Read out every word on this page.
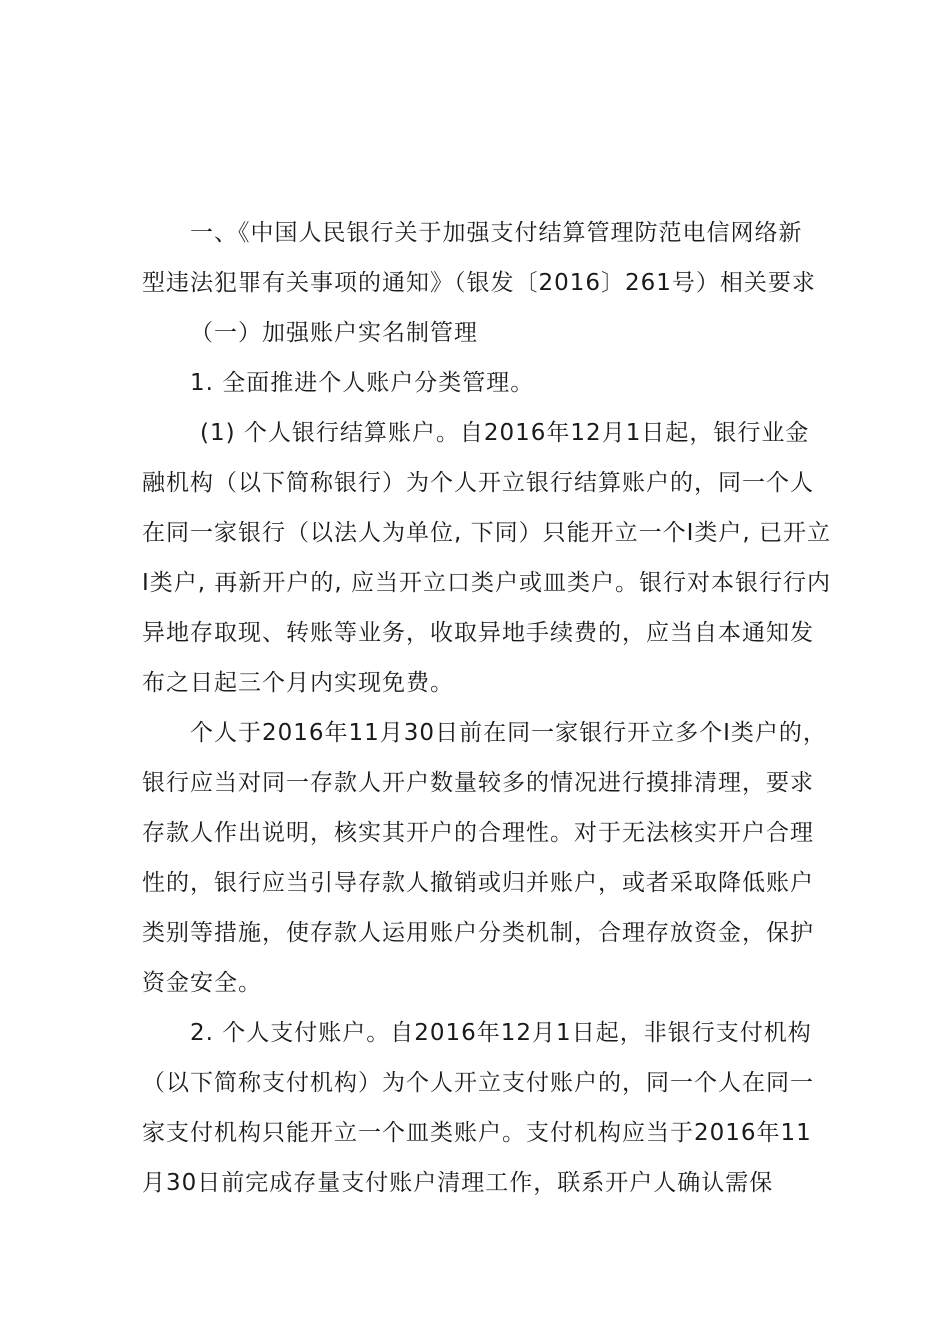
一、《中国人民银行关于加强支付结算管理防范电信网络新
型违法犯罪有关事项的通知》（银发〔2016〕261号）相关要求
（一）加强账户实名制管理
1. 全面推进个人账户分类管理。
(1) 个人银行结算账户。自2016年12月1日起，银行业金
融机构（以下简称银行）为个人开立银行结算账户的，同一个人
在同一家银行（以法人为单位, 下同）只能开立一个Ⅰ类户, 已开立
Ⅰ类户, 再新开户的, 应当开立口类户或皿类户。银行对本银行行内
异地存取现、转账等业务，收取异地手续费的，应当自本通知发
布之日起三个月内实现免费。
个人于2016年11月30日前在同一家银行开立多个Ⅰ类户的，
银行应当对同一存款人开户数量较多的情况进行摸排清理，要求
存款人作出说明，核实其开户的合理性。对于无法核实开户合理
性的，银行应当引导存款人撤销或归并账户，或者采取降低账户
类别等措施，使存款人运用账户分类机制，合理存放资金，保护
资金安全。
2. 个人支付账户。自2016年12月1日起，非银行支付机构
（以下简称支付机构）为个人开立支付账户的，同一个人在同一
家支付机构只能开立一个皿类账户。支付机构应当于2016年11
月30日前完成存量支付账户清理工作，联系开户人确认需保
